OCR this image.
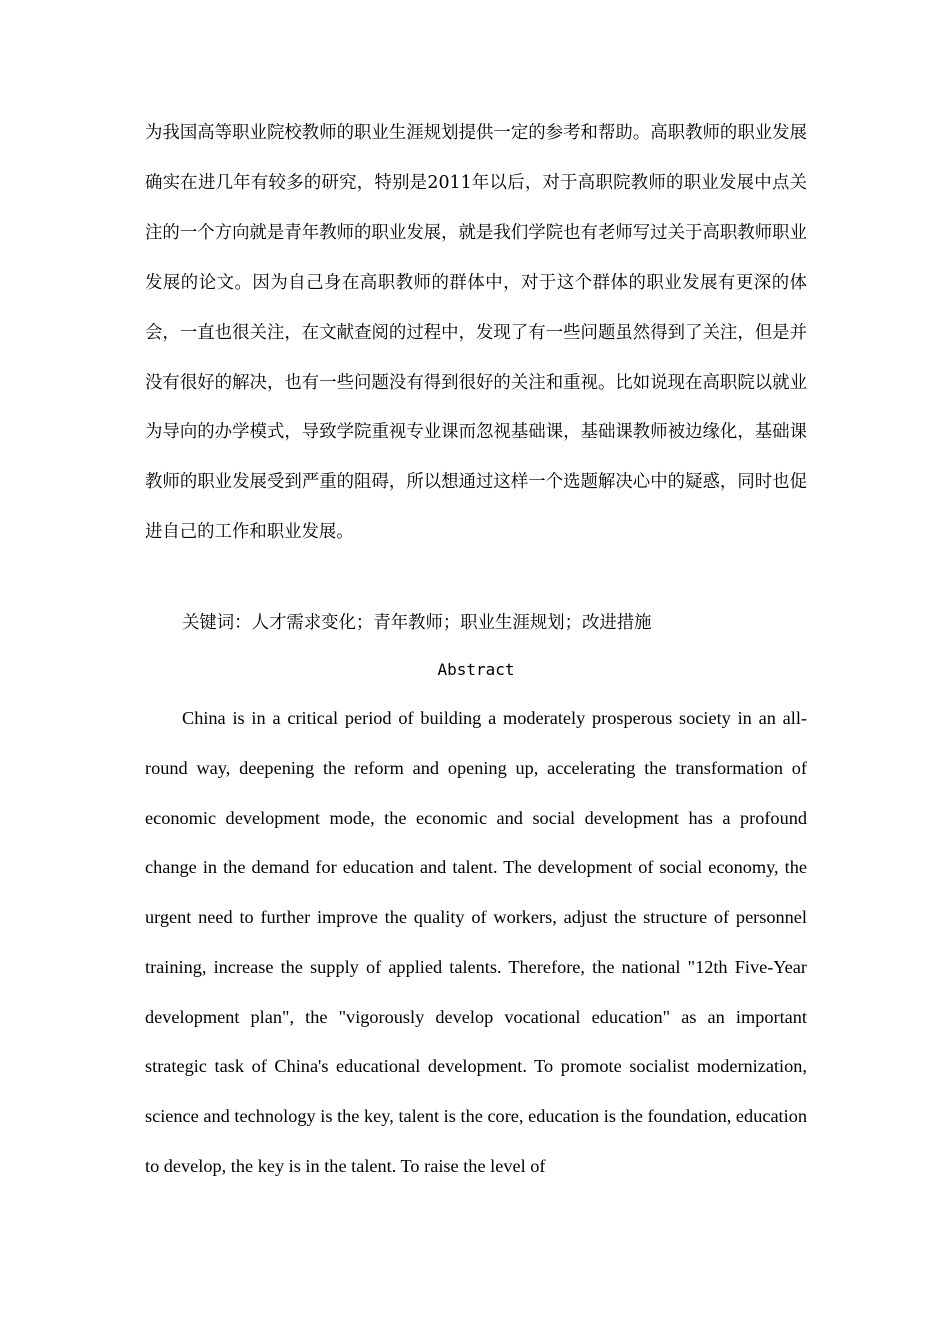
为我国高等职业院校教师的职业生涯规划提供一定的参考和帮助。高职教师的职业发展确实在进几年有较多的研究，特别是2011年以后，对于高职院教师的职业发展中点关注的一个方向就是青年教师的职业发展，就是我们学院也有老师写过关于高职教师职业发展的论文。因为自己身在高职教师的群体中，对于这个群体的职业发展有更深的体会，一直也很关注，在文献查阅的过程中，发现了有一些问题虽然得到了关注，但是并没有很好的解决，也有一些问题没有得到很好的关注和重视。比如说现在高职院以就业为导向的办学模式，导致学院重视专业课而忽视基础课，基础课教师被边缘化，基础课教师的职业发展受到严重的阻碍，所以想通过这样一个选题解决心中的疑惑，同时也促进自己的工作和职业发展。

关键词：人才需求变化；青年教师；职业生涯规划；改进措施

Abstract

China is in a critical period of building a moderately prosperous society in an all-round way, deepening the reform and opening up, accelerating the transformation of economic development mode, the economic and social development has a profound change in the demand for education and talent. The development of social economy, the urgent need to further improve the quality of workers, adjust the structure of personnel training, increase the supply of applied talents. Therefore, the national "12th Five-Year development plan", the "vigorously develop vocational education" as an important strategic task of China's educational development. To promote socialist modernization, science and technology is the key, talent is the core, education is the foundation, education to develop, the key is in the talent. To raise the level of
